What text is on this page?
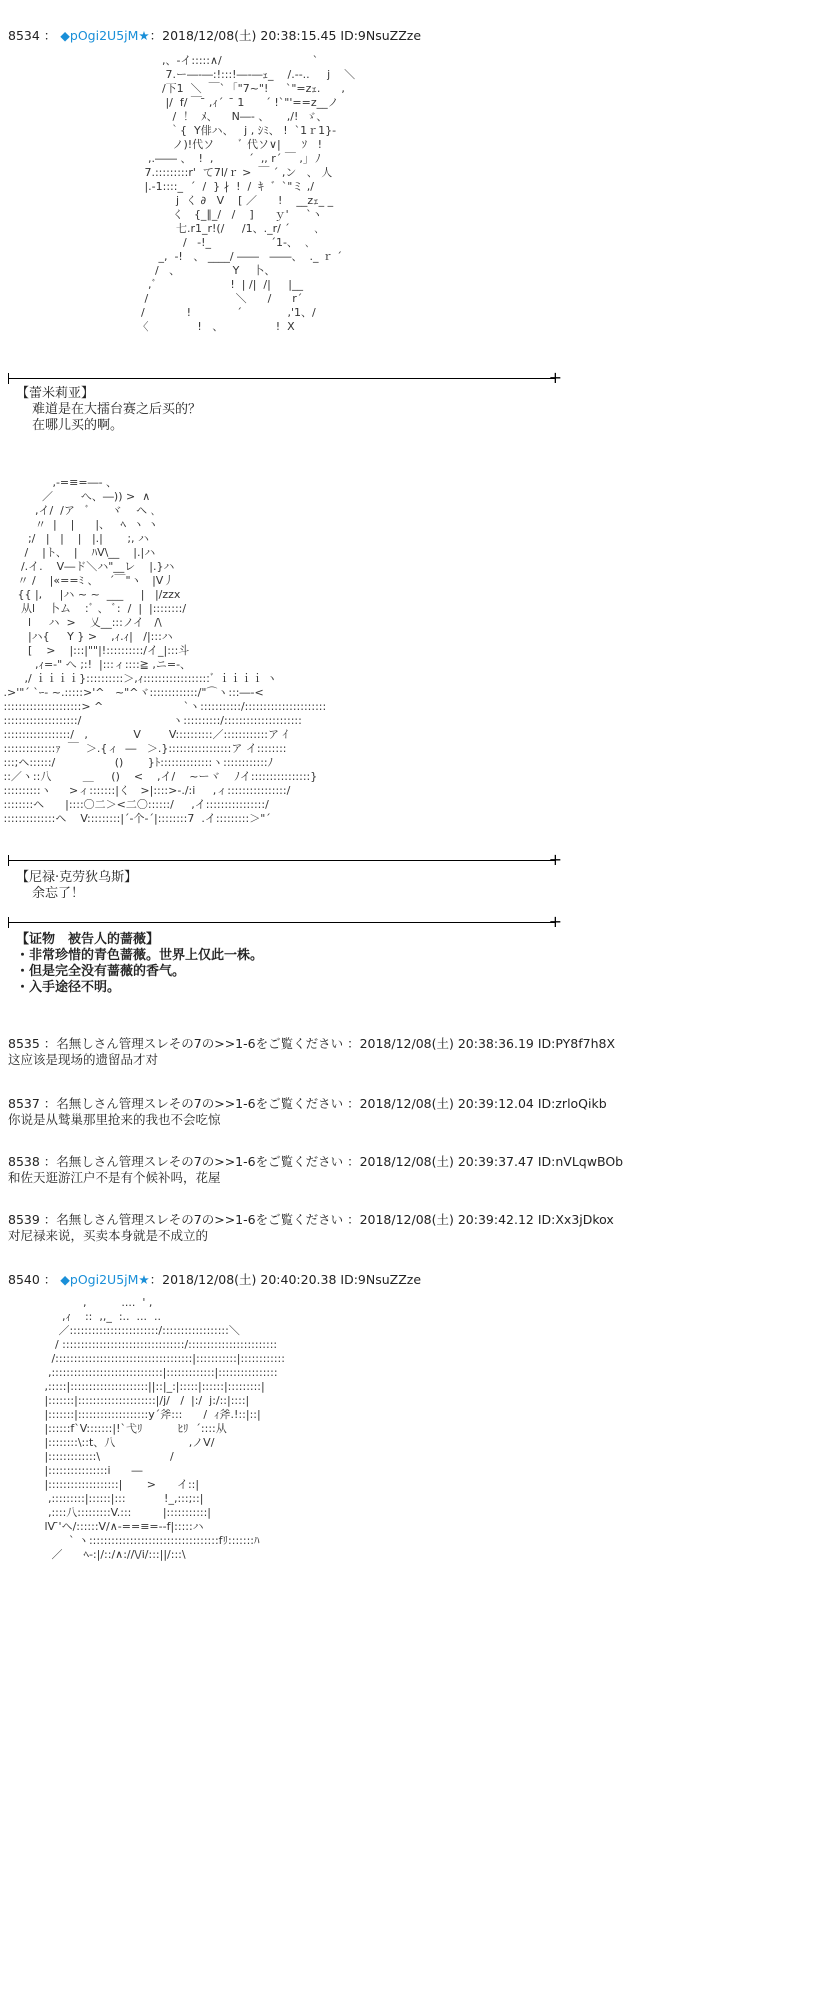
8534 ： ◆pOgi2U5jM★：2018/12/08(土) 20:38:15.45 ID:9NsuZZze
,、-イ:::::∧/                          `
7.ー―-―:!:::!―-―ｪ_    /.--..     j    ＼
/下1  ＼  ￣`  ｢"7~"!     `"=zｪ.      ,
|/  f/ ￣ ̄ ,ｨ´   ̄ 1      ´ !`"'==z__ノ
/  ！  ﾒ、    N―- 、     ,/!  ゞ、
｀{  Y俳ハ、   j , ｼﾐ、 !  `1ｒ1}-
ノ)!代ソ       ﾞ 代ソ∨|      ｿ   !
,.―― 、  !  ,          ´  ,, r´ ￣ ,｣  ﾉ
7.:::::::::r'  て7l/ｒ >  ￣ ´ ,ン   、 人
|.-1::::_  ´  /  } ∤  !  /  ｷ  ゛`"ミ ,/
j  く ∂   V    [ ／      !    __zｪ_ _
く   {_∥_/   /    ]      ｙ'     `ヽ
七.r1_r!(/     /1、._r/ ´       ､
/   -!_                 ´1-、  ､
_,  -!   、 ____/ ――   ――、  ._ ｒ ´
/   、               Y    卜、
,ﾞ                     !  | /|  /|     |__
/                         ＼      /      r´
/            !             ´             ,'1、/
〈              !   、               !  X
+
【蕾米莉亚】
难道是在大擂台赛之后买的？
在哪儿买的啊。
,-=≡=―‐ 、
／        へ、―)) >  ∧
,イ/  /ア   ﾞ      ヾ    ヘ ､
〃  |    |      |、   ﾍ  ヽ ヽ
;/   |   |    |   |.|       ;, ハ
/    |ト、  |    ﾊV\__    |.|ハ
/.イ.    V―ド＼ハ"__レ    |.}ハ
〃 /    |«==ﾐ 、   ´￣"ヽ   |V丿
{{ |,     |ハ ~ ~  ___     |   |/zzx
从l    卜ム    :ﾞ 、 ﾞ:  /  |  |::::::::/
l     ハ  >    乂__:::ノイ   /\
|ハ{     Y } >    ,ｨ.ｨ|   /|:::ハ
[    >    |:::|""|!::::::::::/イ_|:::斗
,ｨ=-" へ ;:!  |:::ィ::::≧ ,ニ=-、
,/ ｉｉｉｉ}::::::::::＞,ｨ::::::::::::::::::ﾞ ｉｉｉｉ ヽ
.>'"´ `ｰ- ~.:::::>'^   ~"^ヾ:::::::::::::/"⌒ヽ:::―-<
:::::::::::::::::::::> ^                       `ヽ:::::::::::/::::::::::::::::::::::
::::::::::::::::::::/                          ヽ::::::::::/:::::::::::::::::::::
::::::::::::::::::/   ,             V        V::::::::::／::::::::::::ア ｲ
::::::::::::::ｧ  ￣  ＞.{ィ  ―   ＞.}:::::::::::::::::ア イ::::::::
:::;ヘ::::::/                 ()       }ﾄ::::::::::::::ヽ::::::::::::ﾉ
::／ヽ::八         ＿     ()    <    ,イ/    ~ーヾ    ﾉイ::::::::::::::::}
::::::::::ヽ     >ィ:::::::|く   >|::::>-./:i     ,ィ::::::::::::::::/
::::::::ヘ      |::::〇二＞<二〇::::::/     ,イ::::::::::::::::/
::::::::::::::ヘ    V:::::::::|´-个-´|::::::::7  .イ:::::::::＞"´
+
【尼禄·克劳狄乌斯】
余忘了！
+
【证物　被告人的蔷薇】
・非常珍惜的青色蔷薇。世界上仅此一株。
・但是完全没有蔷薇的香气。
・入手途径不明。
8535 ：名無しさん管理スレその7の>>1-6をご覧ください ：2018/12/08(土) 20:38:36.19 ID:PY8f7h8X
这应该是现场的遗留品才对
8537 ：名無しさん管理スレその7の>>1-6をご覧ください ：2018/12/08(土) 20:39:12.04 ID:zrloQikb
你说是从鹫巢那里抢来的我也不会吃惊
8538 ：名無しさん管理スレその7の>>1-6をご覧ください ：2018/12/08(土) 20:39:37.47 ID:nVLqwBOb
和佐天逛游江户不是有个候补吗，花屋
8539 ：名無しさん管理スレその7の>>1-6をご覧ください ：2018/12/08(土) 20:39:42.12 ID:Xx3jDkox
对尼禄来说，买卖本身就是不成立的
8540 ： ◆pOgi2U5jM★：2018/12/08(土) 20:40:20.38 ID:9NsuZZze
,          ....  ' ,
,ｨ    ::  ,,_  :..  ...  ..
／::::::::::::::::::::::::/::::::::::::::::::＼
/ :::::::::::::::::::::::::::::::::/::::::::::::::::::::::::
/:::::::::::::::::::::::::::::::::::::|:::::::::::|::::::::::::
,::::::::::::::::::::::::::::::|:::::::::::::|::::::::::::::::
,:::::|:::::::::::::::::::::||::|_:|:::::|::::::|:::::::::|
|:::::::|:::::::::::::::::::::|/j/   /  |:/  j:/::|::::|
|:::::::|:::::::::::::::::::y´斧:::      /  ｨ斧.!::|::|
|::::::f`V:::::::|!`弋ﾘ          ﾋﾘ  ´::::从
|::::::::\::t、八                     ,ノV/
|:::::::::::::\                    /
|::::::::::::::::i      ―
|:::::::::::::::::::|       >      イ::|
,:::::::::|::::::|:::           !_,:::;::|
,::::八:::::::::V.:::         |:::::::::::|
lV ̄'ヘ/::::::V/∧-==≡=--f|:::::ハ
` ヽ:::::::::::::::::::::::::::::::::::fﾘ:::::::ﾊ
／      ﾍ-:|/::/∧://\/i/:::||/:::\
